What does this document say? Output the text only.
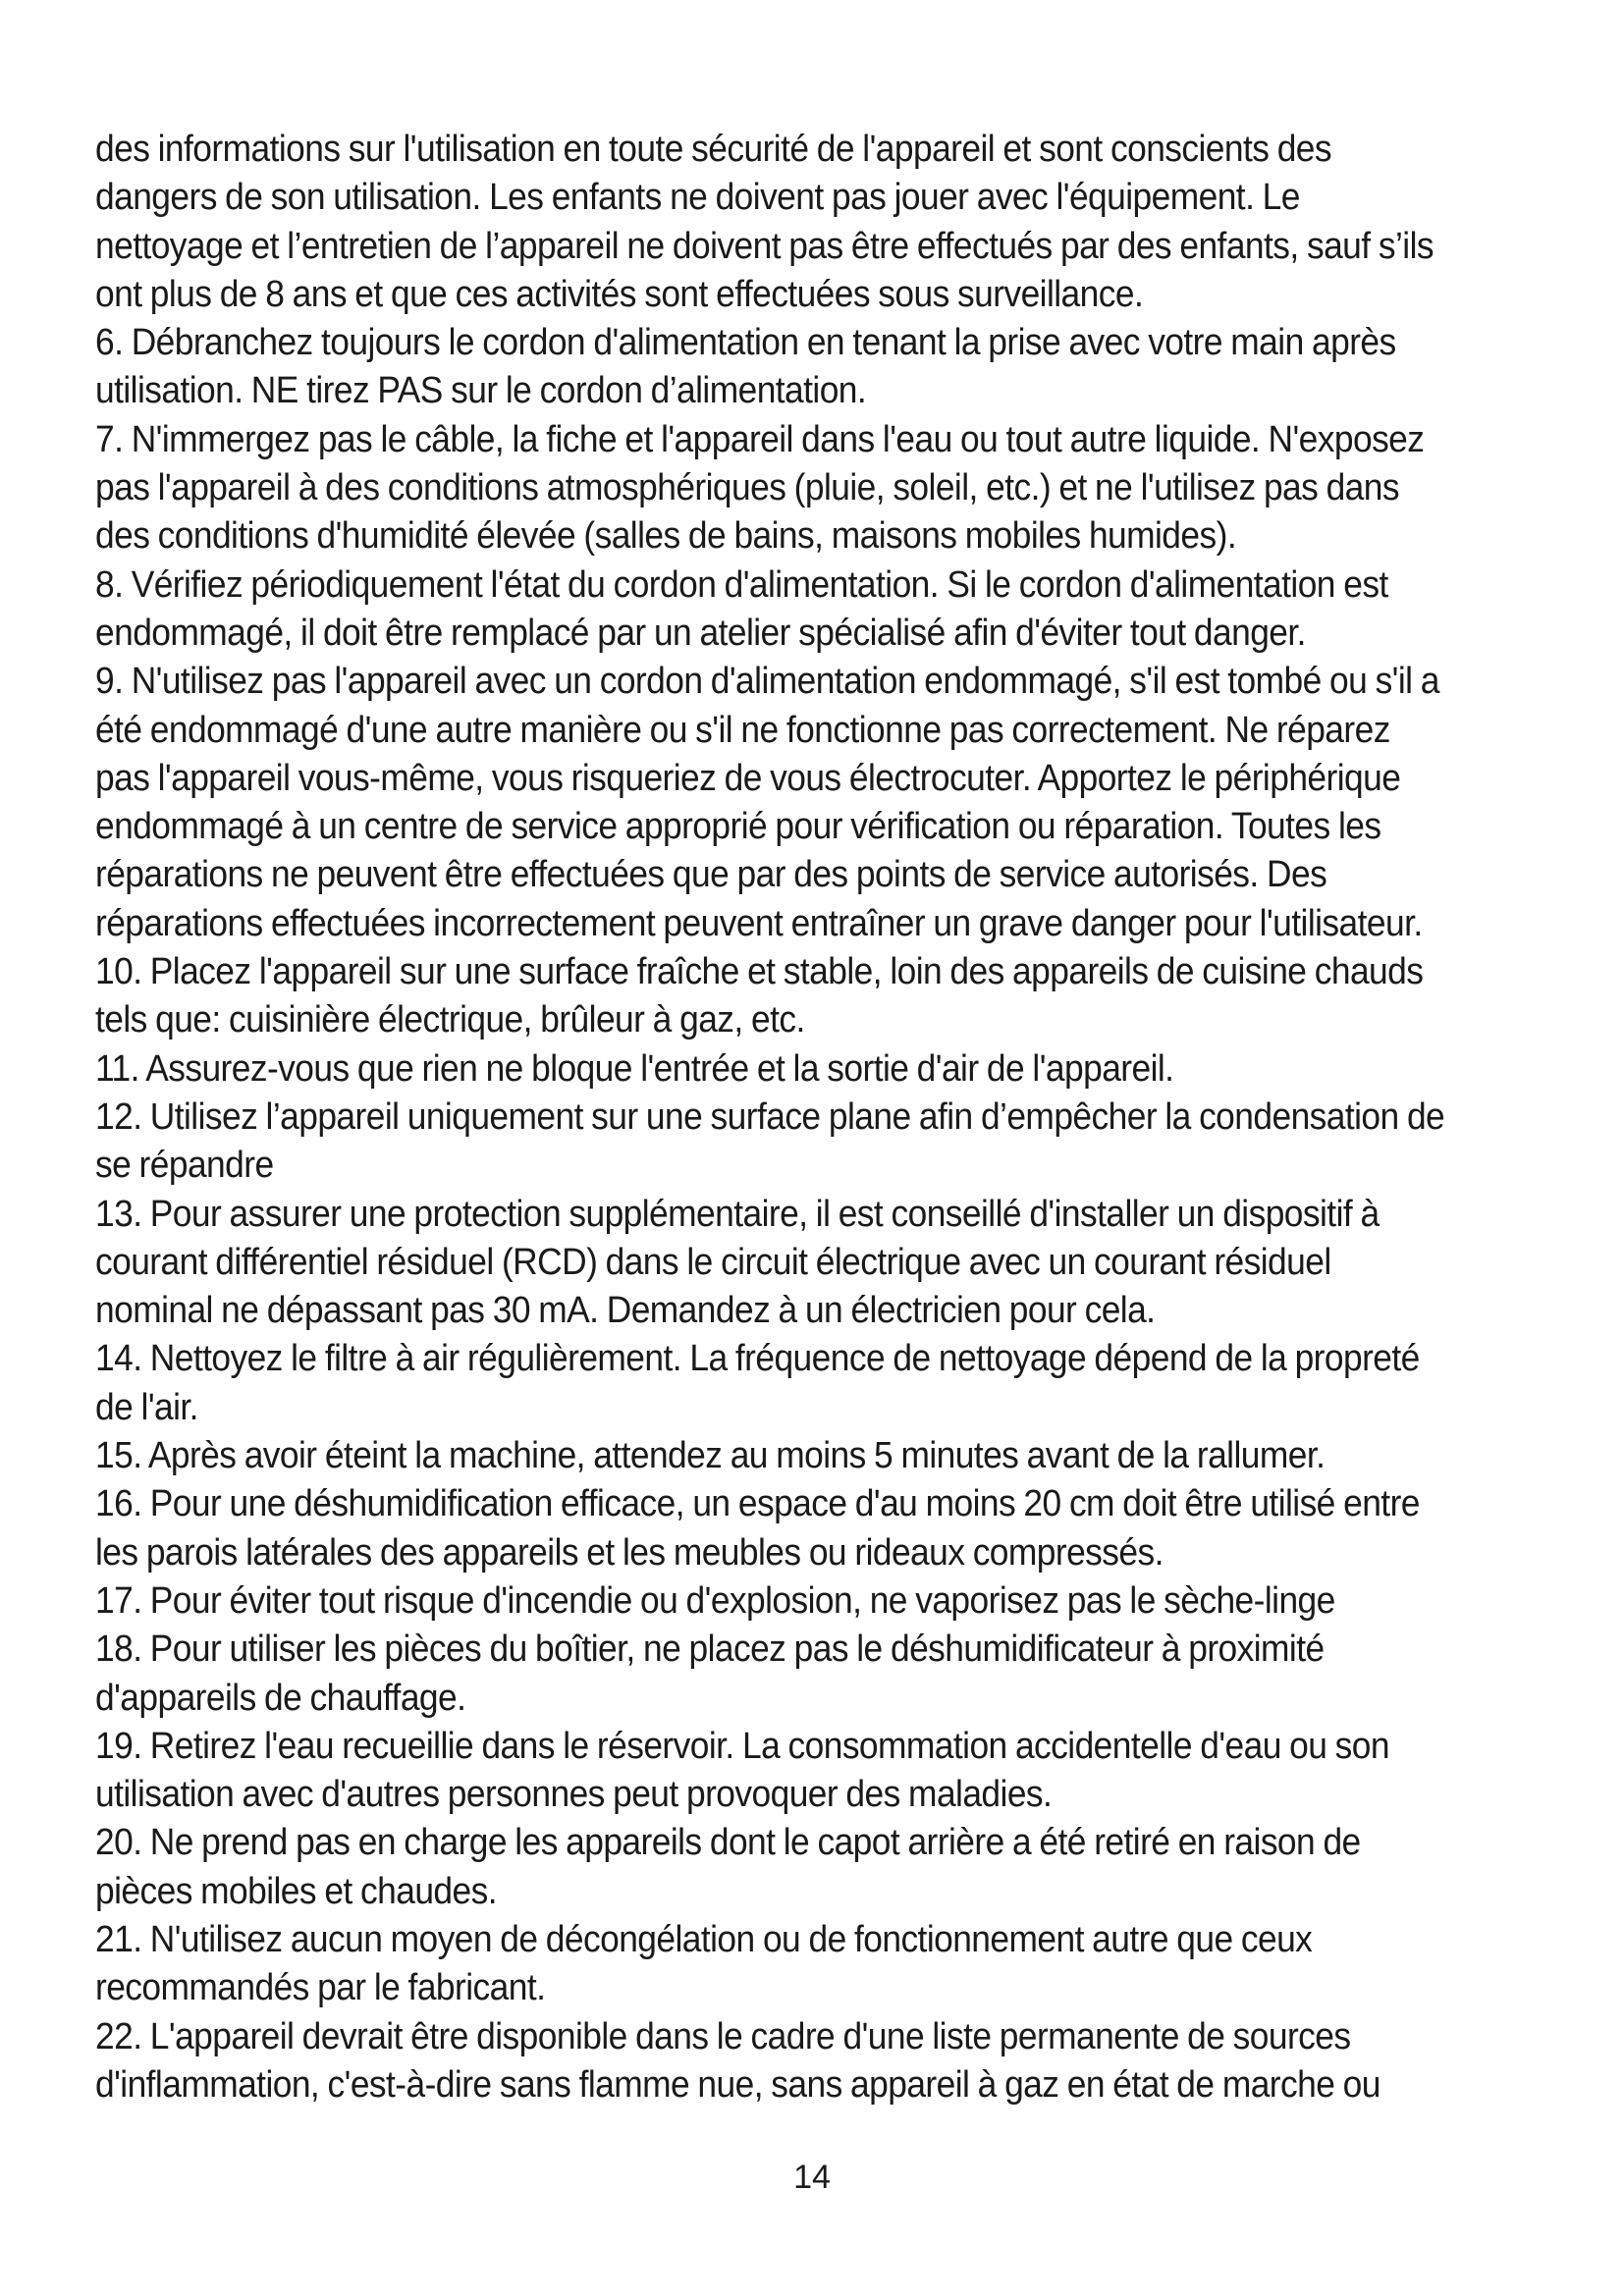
des informations sur l'utilisation en toute sécurité de l'appareil et sont conscients des dangers de son utilisation. Les enfants ne doivent pas jouer avec l'équipement. Le nettoyage et l’entretien de l’appareil ne doivent pas être effectués par des enfants, sauf s’ils ont plus de 8 ans et que ces activités sont effectuées sous surveillance.

6. Débranchez toujours le cordon d'alimentation en tenant la prise avec votre main après utilisation. NE tirez PAS sur le cordon d’alimentation.

7. N'immergez pas le câble, la fiche et l'appareil dans l'eau ou tout autre liquide. N'exposez pas l'appareil à des conditions atmosphériques (pluie, soleil, etc.) et ne l'utilisez pas dans des conditions d'humidité élevée (salles de bains, maisons mobiles humides).

8. Vérifiez périodiquement l'état du cordon d'alimentation. Si le cordon d'alimentation est endommagé, il doit être remplacé par un atelier spécialisé afin d'éviter tout danger.

9. N'utilisez pas l'appareil avec un cordon d'alimentation endommagé, s'il est tombé ou s'il a été endommagé d'une autre manière ou s'il ne fonctionne pas correctement. Ne réparez pas l'appareil vous-même, vous risqueriez de vous électrocuter. Apportez le périphérique endommagé à un centre de service approprié pour vérification ou réparation. Toutes les réparations ne peuvent être effectuées que par des points de service autorisés. Des réparations effectuées incorrectement peuvent entraîner un grave danger pour l'utilisateur.

10. Placez l'appareil sur une surface fraîche et stable, loin des appareils de cuisine chauds tels que: cuisinière électrique, brûleur à gaz, etc.

11. Assurez-vous que rien ne bloque l'entrée et la sortie d'air de l'appareil.

12. Utilisez l’appareil uniquement sur une surface plane afin d’empêcher la condensation de se répandre

13. Pour assurer une protection supplémentaire, il est conseillé d'installer un dispositif à courant différentiel résiduel (RCD) dans le circuit électrique avec un courant résiduel nominal ne dépassant pas 30 mA. Demandez à un électricien pour cela.

14. Nettoyez le filtre à air régulièrement. La fréquence de nettoyage dépend de la propreté de l'air.

15. Après avoir éteint la machine, attendez au moins 5 minutes avant de la rallumer.

16. Pour une déshumidification efficace, un espace d'au moins 20 cm doit être utilisé entre les parois latérales des appareils et les meubles ou rideaux compressés.

17. Pour éviter tout risque d'incendie ou d'explosion, ne vaporisez pas le sèche-linge

18. Pour utiliser les pièces du boîtier, ne placez pas le déshumidificateur à proximité d'appareils de chauffage.

19. Retirez l'eau recueillie dans le réservoir. La consommation accidentelle d'eau ou son utilisation avec d'autres personnes peut provoquer des maladies.

20. Ne prend pas en charge les appareils dont le capot arrière a été retiré en raison de pièces mobiles et chaudes.

21. N'utilisez aucun moyen de décongélation ou de fonctionnement autre que ceux recommandés par le fabricant.

22. L'appareil devrait être disponible dans le cadre d'une liste permanente de sources d'inflammation, c'est-à-dire sans flamme nue, sans appareil à gaz en état de marche ou

14
